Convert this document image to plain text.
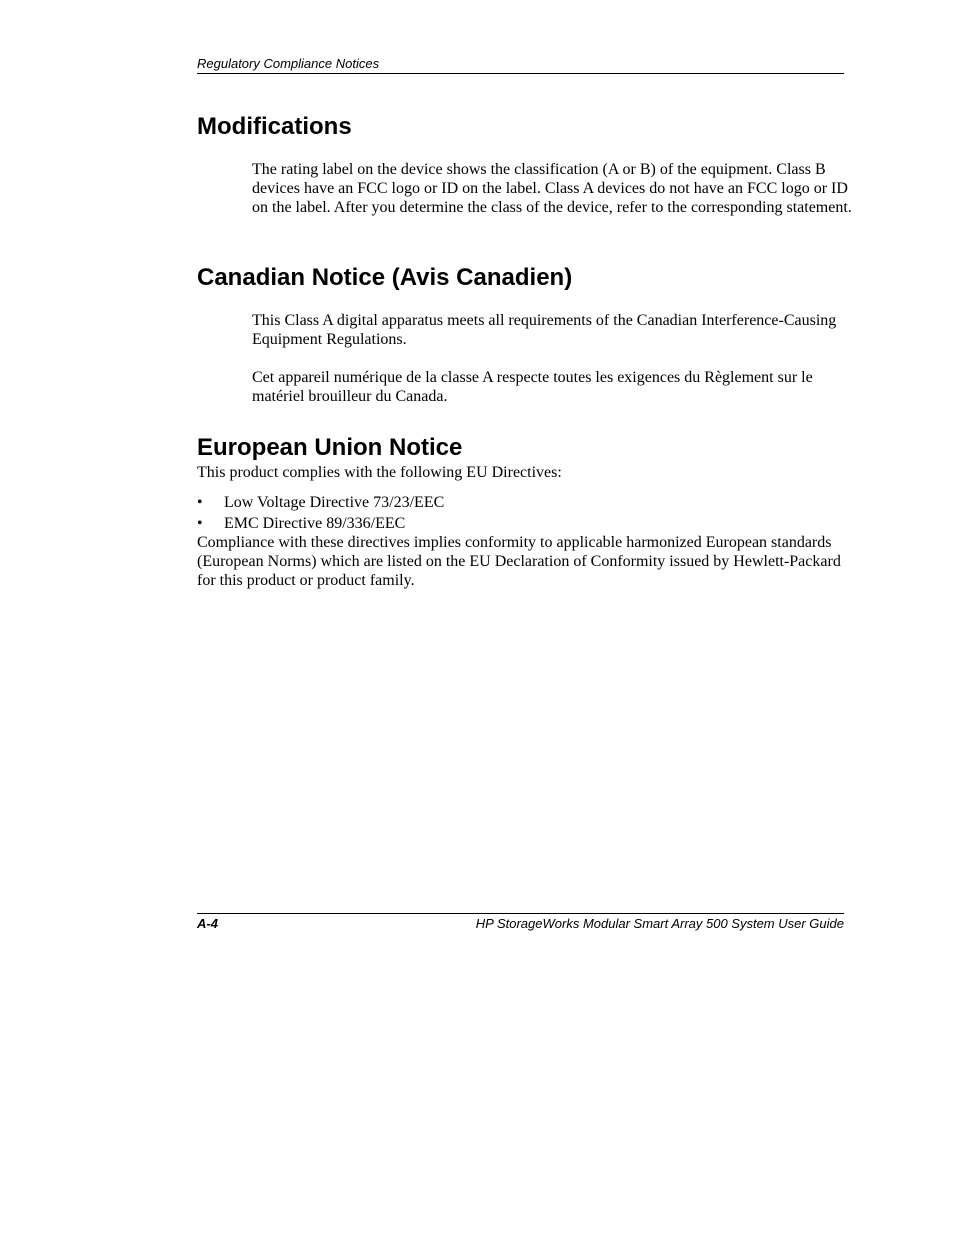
Regulatory Compliance Notices
Modifications

The rating label on the device shows the classification (A or B) of the equipment. Class B devices have an FCC logo or ID on the label. Class A devices do not have an FCC logo or ID on the label. After you determine the class of the device, refer to the corresponding statement.

Canadian Notice (Avis Canadien)

This Class A digital apparatus meets all requirements of the Canadian Interference-Causing Equipment Regulations.

Cet appareil numérique de la classe A respecte toutes les exigences du Règlement sur le matériel brouilleur du Canada.

European Union Notice

This product complies with the following EU Directives:

• Low Voltage Directive 73/23/EEC
• EMC Directive 89/336/EEC

Compliance with these directives implies conformity to applicable harmonized European standards (European Norms) which are listed on the EU Declaration of Conformity issued by Hewlett-Packard for this product or product family.

A-4	HP StorageWorks Modular Smart Array 500 System User Guide
